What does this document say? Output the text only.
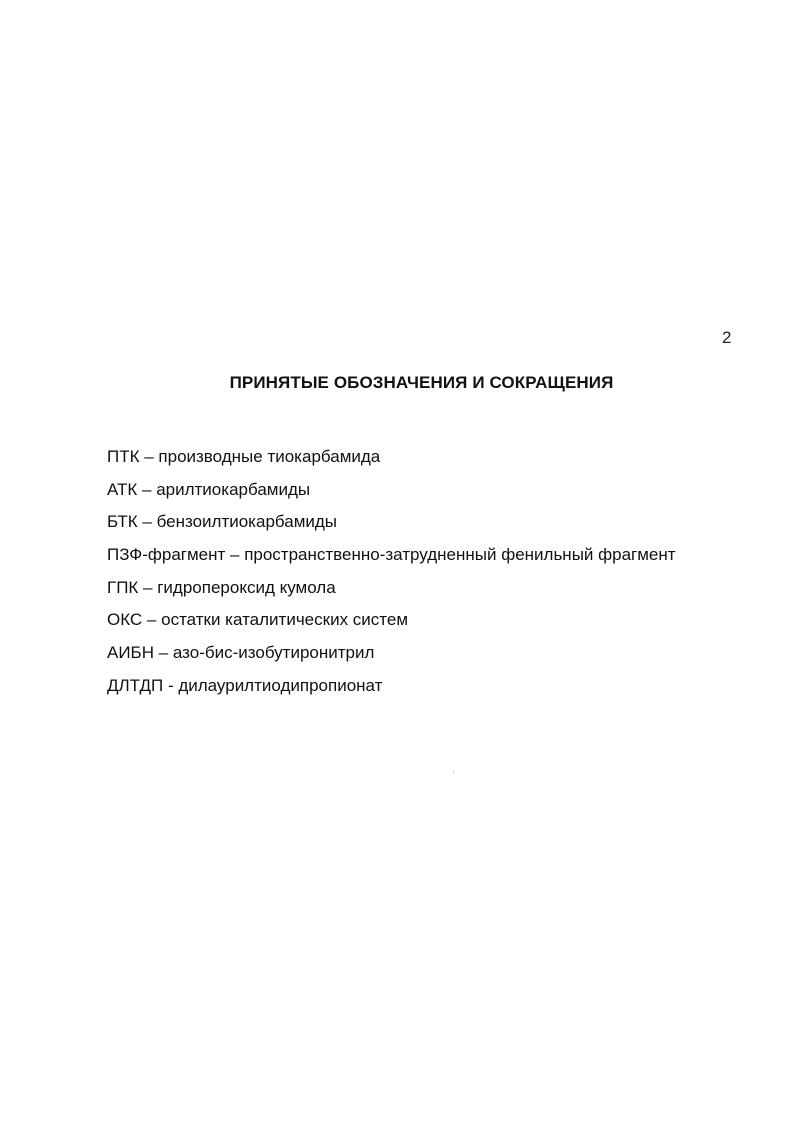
2
ПРИНЯТЫЕ ОБОЗНАЧЕНИЯ И СОКРАЩЕНИЯ
ПТК – производные тиокарбамида
АТК – арилтиокарбамиды
БТК – бензоилтиокарбамиды
ПЗФ-фрагмент – пространственно-затрудненный фенильный фрагмент
ГПК – гидропероксид кумола
ОКС – остатки каталитических систем
АИБН – азо-бис-изобутиронитрил
ДЛТДП - дилаурилтиодипропионат
